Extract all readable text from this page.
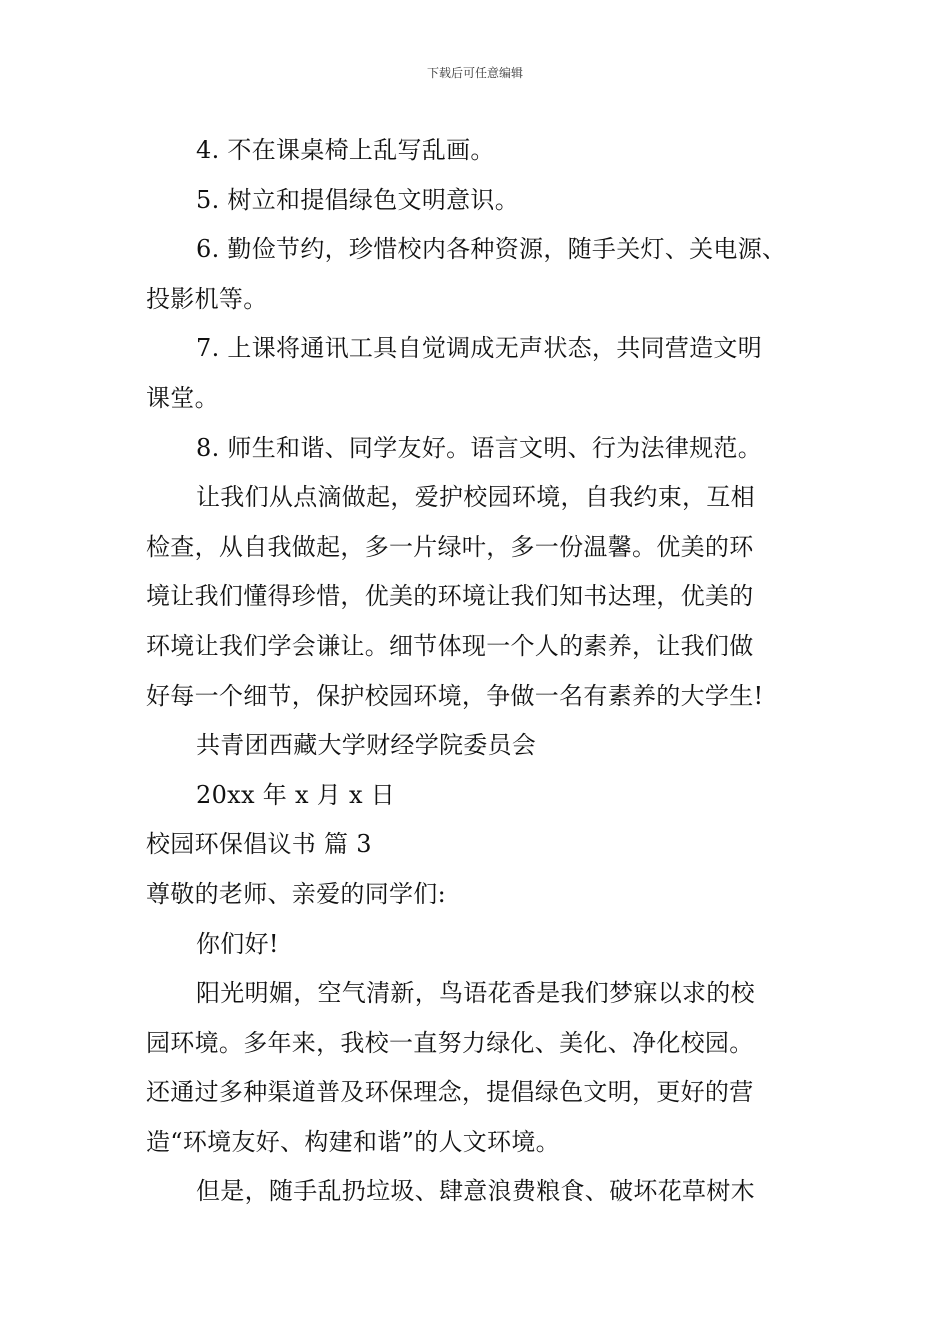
下载后可任意编辑
4. 不在课桌椅上乱写乱画。
5. 树立和提倡绿色文明意识。
6. 勤俭节约，珍惜校内各种资源，随手关灯、关电源、
投影机等。
7. 上课将通讯工具自觉调成无声状态，共同营造文明
课堂。
8. 师生和谐、同学友好。语言文明、行为法律规范。
让我们从点滴做起，爱护校园环境，自我约束，互相
检查，从自我做起，多一片绿叶，多一份温馨。优美的环
境让我们懂得珍惜，优美的环境让我们知书达理，优美的
环境让我们学会谦让。细节体现一个人的素养，让我们做
好每一个细节，保护校园环境，争做一名有素养的大学生!
共青团西藏大学财经学院委员会
20xx 年 x 月 x 日
校园环保倡议书 篇 3
尊敬的老师、亲爱的同学们:
你们好!
阳光明媚，空气清新，鸟语花香是我们梦寐以求的校
园环境。多年来，我校一直努力绿化、美化、净化校园。
还通过多种渠道普及环保理念，提倡绿色文明，更好的营
造“环境友好、构建和谐”的人文环境。
但是，随手乱扔垃圾、肆意浪费粮食、破坏花草树木
